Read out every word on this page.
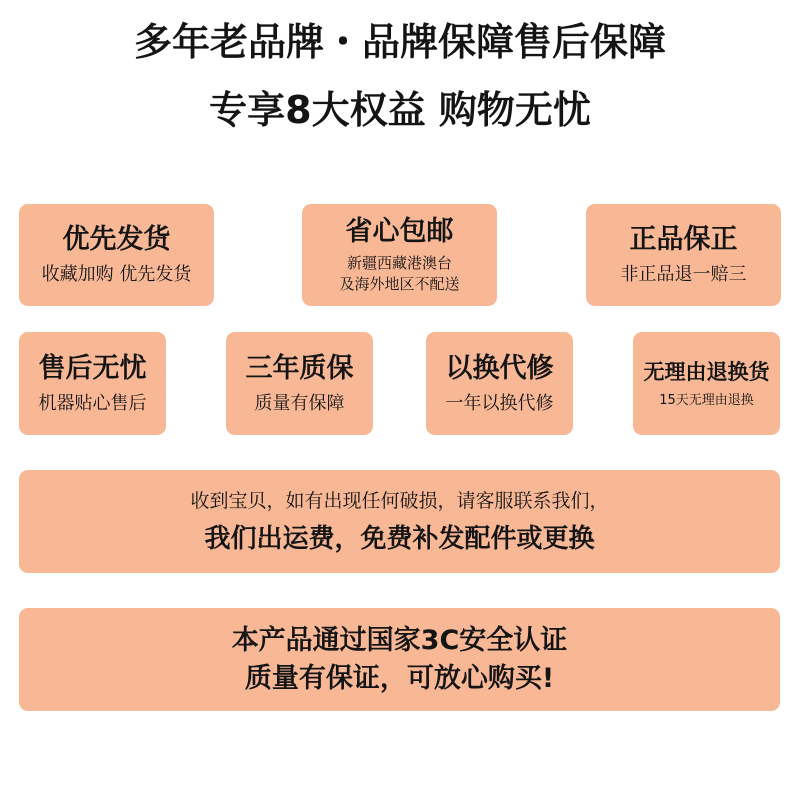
多年老品牌・品牌保障售后保障
专享8大权益 购物无忧
优先发货
收藏加购 优先发货
省心包邮
新疆西藏港澳台
及海外地区不配送
正品保正
非正品退一赔三
售后无忧
机器贴心售后
三年质保
质量有保障
以换代修
一年以换代修
无理由退换货
15天无理由退换
收到宝贝，如有出现任何破损，请客服联系我们，
我们出运费，免费补发配件或更换
本产品通过国家3C安全认证
质量有保证，可放心购买!
